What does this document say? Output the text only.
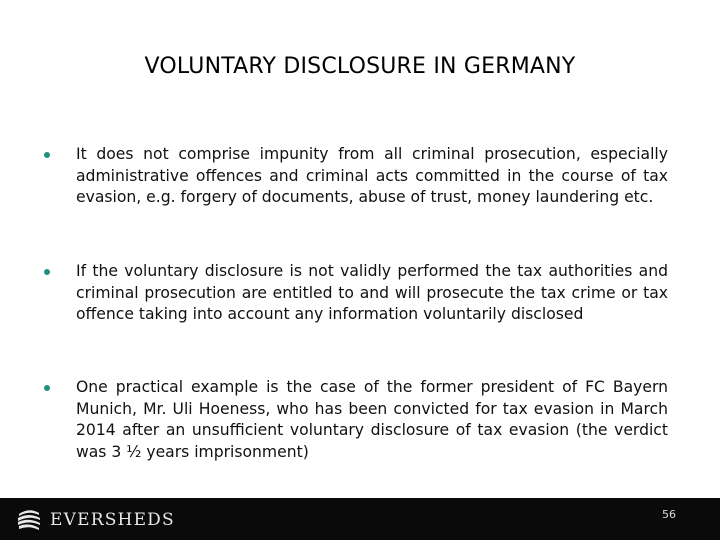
VOLUNTARY DISCLOSURE IN GERMANY
It does not comprise impunity from all criminal prosecution, especially administrative offences and criminal acts committed in the course of tax evasion, e.g. forgery of documents, abuse of trust, money laundering etc.
If the voluntary disclosure is not validly performed the tax authorities and criminal prosecution are entitled to and will prosecute the tax crime or tax offence taking into account any information voluntarily disclosed
One practical example is the case of the former president of FC Bayern Munich, Mr. Uli Hoeness, who has been convicted for tax evasion in March 2014 after an unsufficient voluntary disclosure of tax evasion (the verdict was 3 ½ years imprisonment)
EVERSHEDS	56
